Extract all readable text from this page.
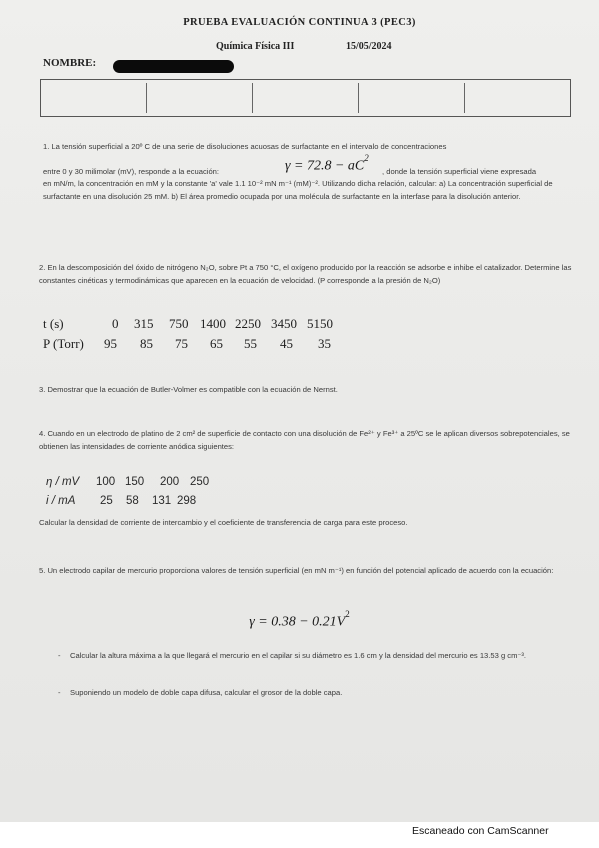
PRUEBA EVALUACIÓN CONTINUA 3 (PEC3)
Química Física III	15/05/2024
NOMBRE:
1. La tensión superficial a 20º C de una serie de disoluciones acuosas de surfactante en el intervalo de concentraciones
entre 0 y 30 milimolar (mV), responde a la ecuación:	$\gamma = 72.8 - aC^2$
, donde la tensión superficial viene expresada
en mN/m, la concentración en mM y la constante 'a' vale 1.1 10⁻² mN m⁻¹ (mM)⁻². Utilizando dicha relación, calcular: a) La concentración superficial de surfactante en una disolución 25 mM. b) El área promedio ocupada por una molécula de surfactante en la interfase para la disolución anterior.
2. En la descomposición del óxido de nitrógeno N₂O, sobre Pt a 750 °C, el oxígeno producido por la reacción se adsorbe e inhibe el catalizador. Determine las constantes cinéticas y termodinámicas que aparecen en la ecuación de velocidad. (P corresponde a la presión de N₂O)
t (s)	0 315 750 1400 2250 3450 5150
P (Torr) 95 85 75 65 55 45 35
3. Demostrar que la ecuación de Butler-Volmer es compatible con la ecuación de Nernst.
4. Cuando en un electrodo de platino de 2 cm² de superficie de contacto con una disolución de Fe²⁺ y Fe³⁺ a 25ºC se le aplican diversos sobrepotenciales, se obtienen las intensidades de corriente anódica siguientes:
η / mV 100 150 200 250
i / mA 25 58 131 298
Calcular la densidad de corriente de intercambio y el coeficiente de transferencia de carga para este proceso.
5. Un electrodo capilar de mercurio proporciona valores de tensión superficial (en mN m⁻¹) en función del potencial aplicado de acuerdo con la ecuación:
$\gamma = 0.38 - 0.21V^2$
- Calcular la altura máxima a la que llegará el mercurio en el capilar si su diámetro es 1.6 cm y la densidad del mercurio es 13.53 g cm⁻³.
- Suponiendo un modelo de doble capa difusa, calcular el grosor de la doble capa.
Escaneado con CamScanner
